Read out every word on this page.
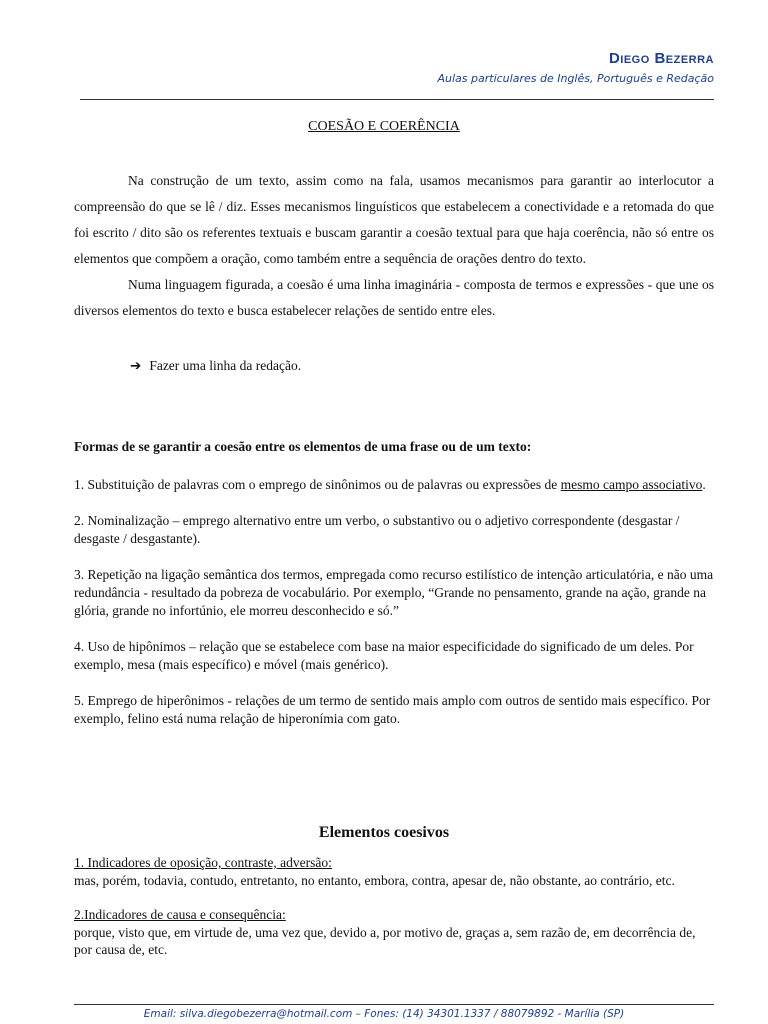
Diego Bezerra
Aulas particulares de Inglês, Português e Redação
COESÃO E COERÊNCIA

Na construção de um texto, assim como na fala, usamos mecanismos para garantir ao interlocutor a compreensão do que se lê / diz. Esses mecanismos linguísticos que estabelecem a conectividade e a retomada do que foi escrito / dito são os referentes textuais e buscam garantir a coesão textual para que haja coerência, não só entre os elementos que compõem a oração, como também entre a sequência de orações dentro do texto.

Numa linguagem figurada, a coesão é uma linha imaginária - composta de termos e expressões - que une os diversos elementos do texto e busca estabelecer relações de sentido entre eles.

➔ Fazer uma linha da redação.
Formas de se garantir a coesão entre os elementos de uma frase ou de um texto:
1. Substituição de palavras com o emprego de sinônimos ou de palavras ou expressões de mesmo campo associativo.
2. Nominalização – emprego alternativo entre um verbo, o substantivo ou o adjetivo correspondente (desgastar / desgaste / desgastante).
3. Repetição na ligação semântica dos termos, empregada como recurso estilístico de intenção articulatória, e não uma redundância - resultado da pobreza de vocabulário. Por exemplo, “Grande no pensamento, grande na ação, grande na glória, grande no infortúnio, ele morreu desconhecido e só.”
4. Uso de hipônimos – relação que se estabelece com base na maior especificidade do significado de um deles. Por exemplo, mesa (mais específico) e móvel (mais genérico).
5. Emprego de hiperônimos - relações de um termo de sentido mais amplo com outros de sentido mais específico. Por exemplo, felino está numa relação de hiperonímia com gato.
Elementos coesivos
1. Indicadores de oposição, contraste, adversão:
mas, porém, todavia, contudo, entretanto, no entanto, embora, contra, apesar de, não obstante, ao contrário, etc.
2.Indicadores de causa e consequência:
porque, visto que, em virtude de, uma vez que, devido a, por motivo de, graças a, sem razão de, em decorrência de, por causa de, etc.
Email: silva.diegobezerra@hotmail.com – Fones: (14) 34301.1337 / 88079892 - Marília (SP)
